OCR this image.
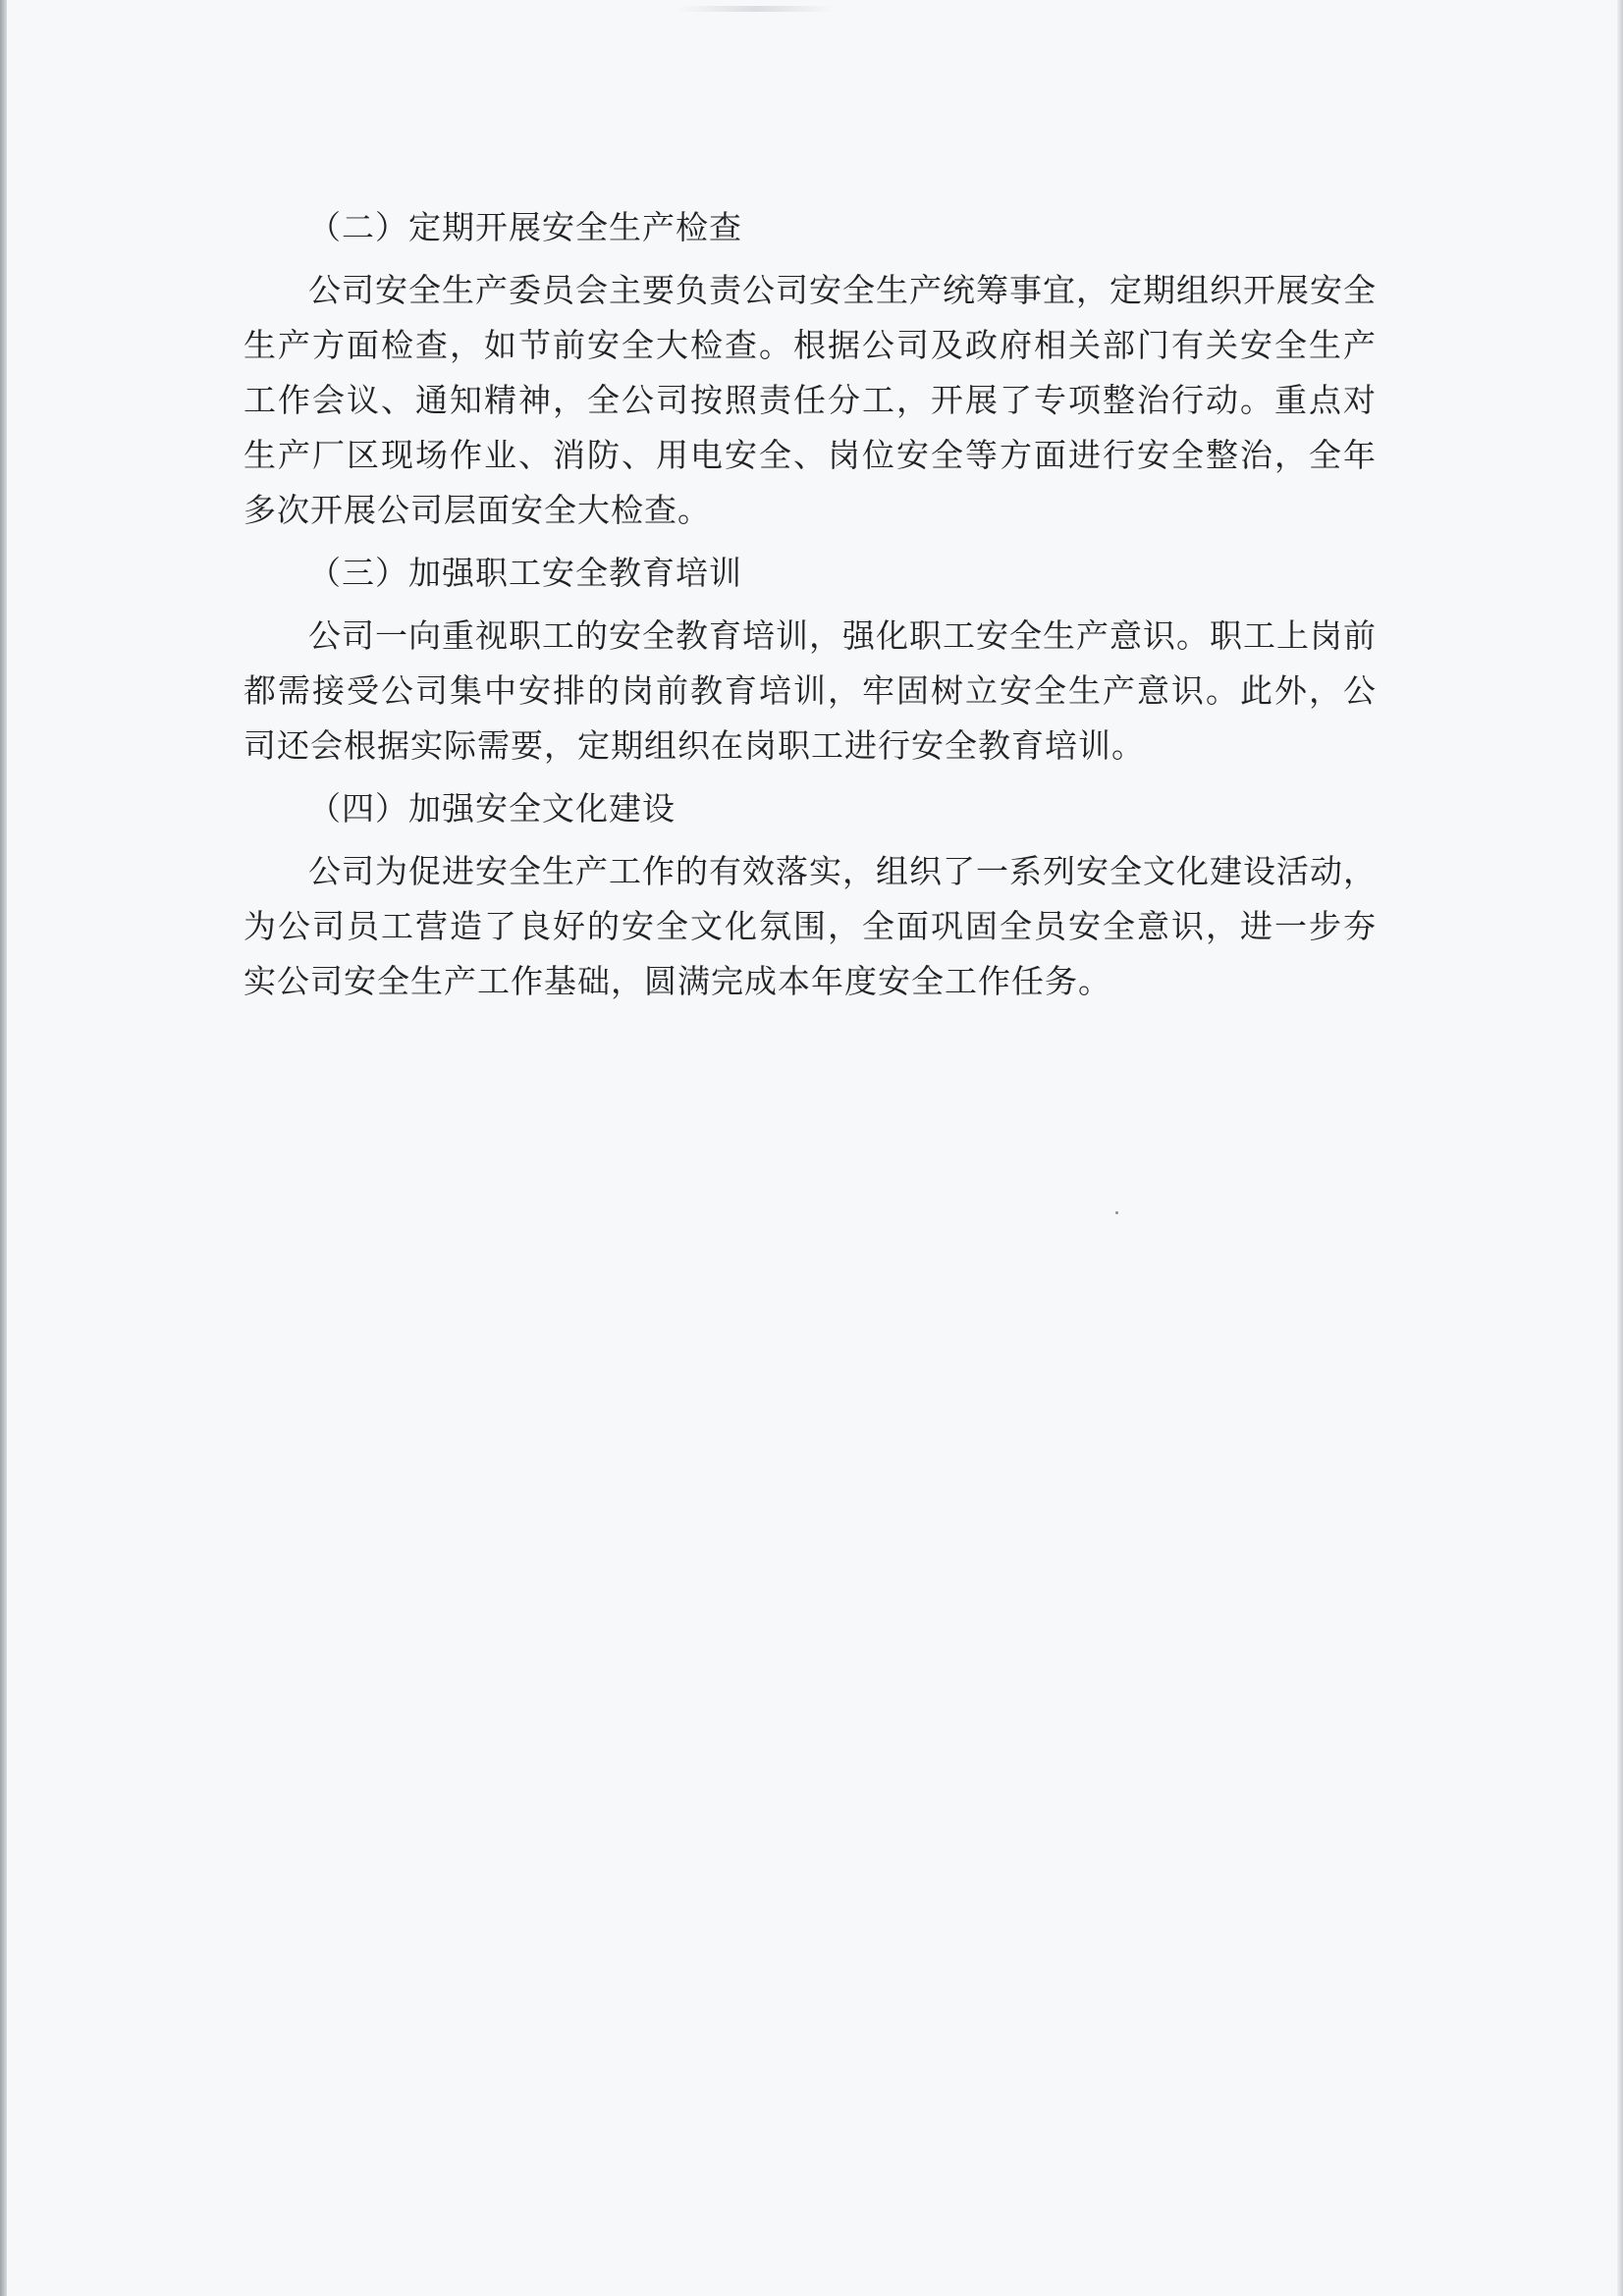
（二）定期开展安全生产检查

公司安全生产委员会主要负责公司安全生产统筹事宜，定期组织开展安全生产方面检查，如节前安全大检查。根据公司及政府相关部门有关安全生产工作会议、通知精神，全公司按照责任分工，开展了专项整治行动。重点对生产厂区现场作业、消防、用电安全、岗位安全等方面进行安全整治，全年多次开展公司层面安全大检查。

（三）加强职工安全教育培训

公司一向重视职工的安全教育培训，强化职工安全生产意识。职工上岗前都需接受公司集中安排的岗前教育培训，牢固树立安全生产意识。此外，公司还会根据实际需要，定期组织在岗职工进行安全教育培训。

（四）加强安全文化建设

公司为促进安全生产工作的有效落实，组织了一系列安全文化建设活动，为公司员工营造了良好的安全文化氛围，全面巩固全员安全意识，进一步夯实公司安全生产工作基础，圆满完成本年度安全工作任务。
